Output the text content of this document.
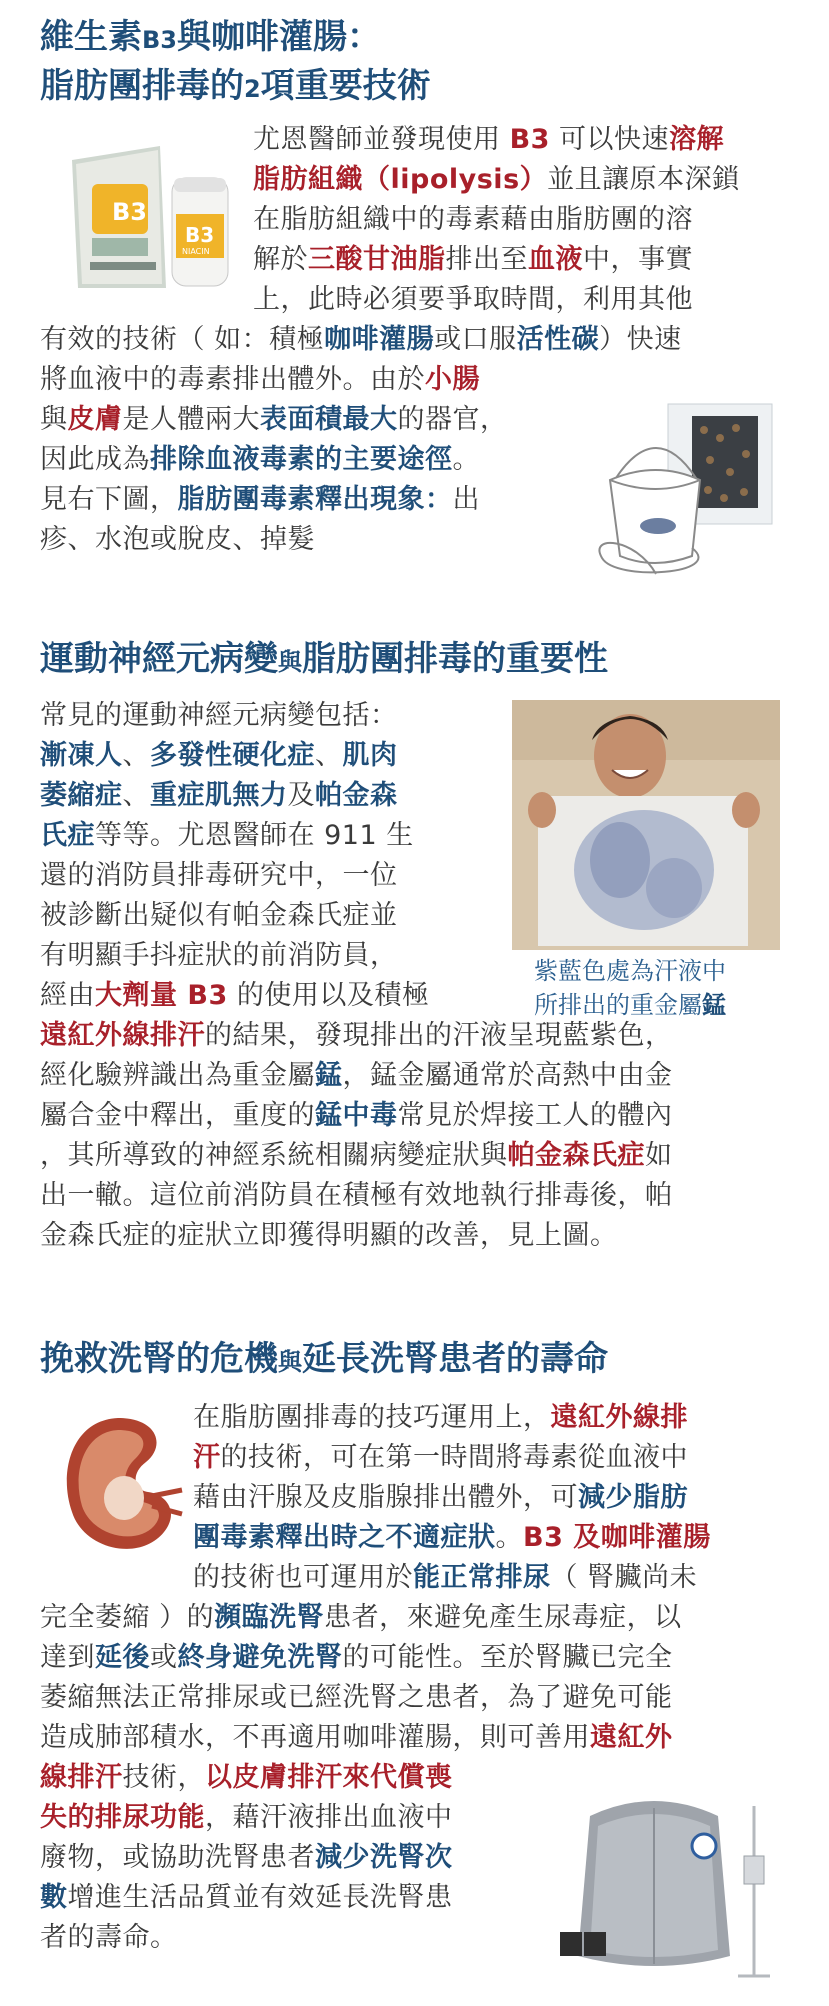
維生素B3與咖啡灌腸：
脂肪團排毒的2項重要技術
B3
B3
NIACIN
尤恩醫師並發現使用 B3 可以快速溶解
脂肪組織（lipolysis）並且讓原本深鎖
在脂肪組織中的毒素藉由脂肪團的溶
解於三酸甘油脂排出至血液中，事實
上，此時必須要爭取時間，利用其他
有效的技術（ 如：積極咖啡灌腸或口服活性碳）快速
將血液中的毒素排出體外。由於小腸
與皮膚是人體兩大表面積最大的器官，
因此成為排除血液毒素的主要途徑。
見右下圖，脂肪團毒素釋出現象：出
疹、水泡或脫皮、掉髮
運動神經元病變與脂肪團排毒的重要性
紫藍色處為汗液中
所排出的重金屬錳
常見的運動神經元病變包括：
漸凍人、多發性硬化症、肌肉
萎縮症、重症肌無力及帕金森
氏症等等。尤恩醫師在 911 生
還的消防員排毒研究中，一位
被診斷出疑似有帕金森氏症並
有明顯手抖症狀的前消防員，
經由大劑量 B3 的使用以及積極
遠紅外線排汗的結果，發現排出的汗液呈現藍紫色，
經化驗辨識出為重金屬錳，錳金屬通常於高熱中由金
屬合金中釋出，重度的錳中毒常見於焊接工人的體內
，其所導致的神經系統相關病變症狀與帕金森氏症如
出一轍。這位前消防員在積極有效地執行排毒後，帕
金森氏症的症狀立即獲得明顯的改善，見上圖。
挽救洗腎的危機與延長洗腎患者的壽命
在脂肪團排毒的技巧運用上，遠紅外線排
汗的技術，可在第一時間將毒素從血液中
藉由汗腺及皮脂腺排出體外，可減少脂肪
團毒素釋出時之不適症狀。B3 及咖啡灌腸
的技術也可運用於能正常排尿（ 腎臟尚未
完全萎縮 ）的瀕臨洗腎患者，來避免產生尿毒症，以
達到延後或終身避免洗腎的可能性。至於腎臟已完全
萎縮無法正常排尿或已經洗腎之患者，為了避免可能
造成肺部積水，不再適用咖啡灌腸，則可善用遠紅外
線排汗技術，以皮膚排汗來代償喪
失的排尿功能，藉汗液排出血液中
廢物，或協助洗腎患者減少洗腎次
數增進生活品質並有效延長洗腎患
者的壽命。
